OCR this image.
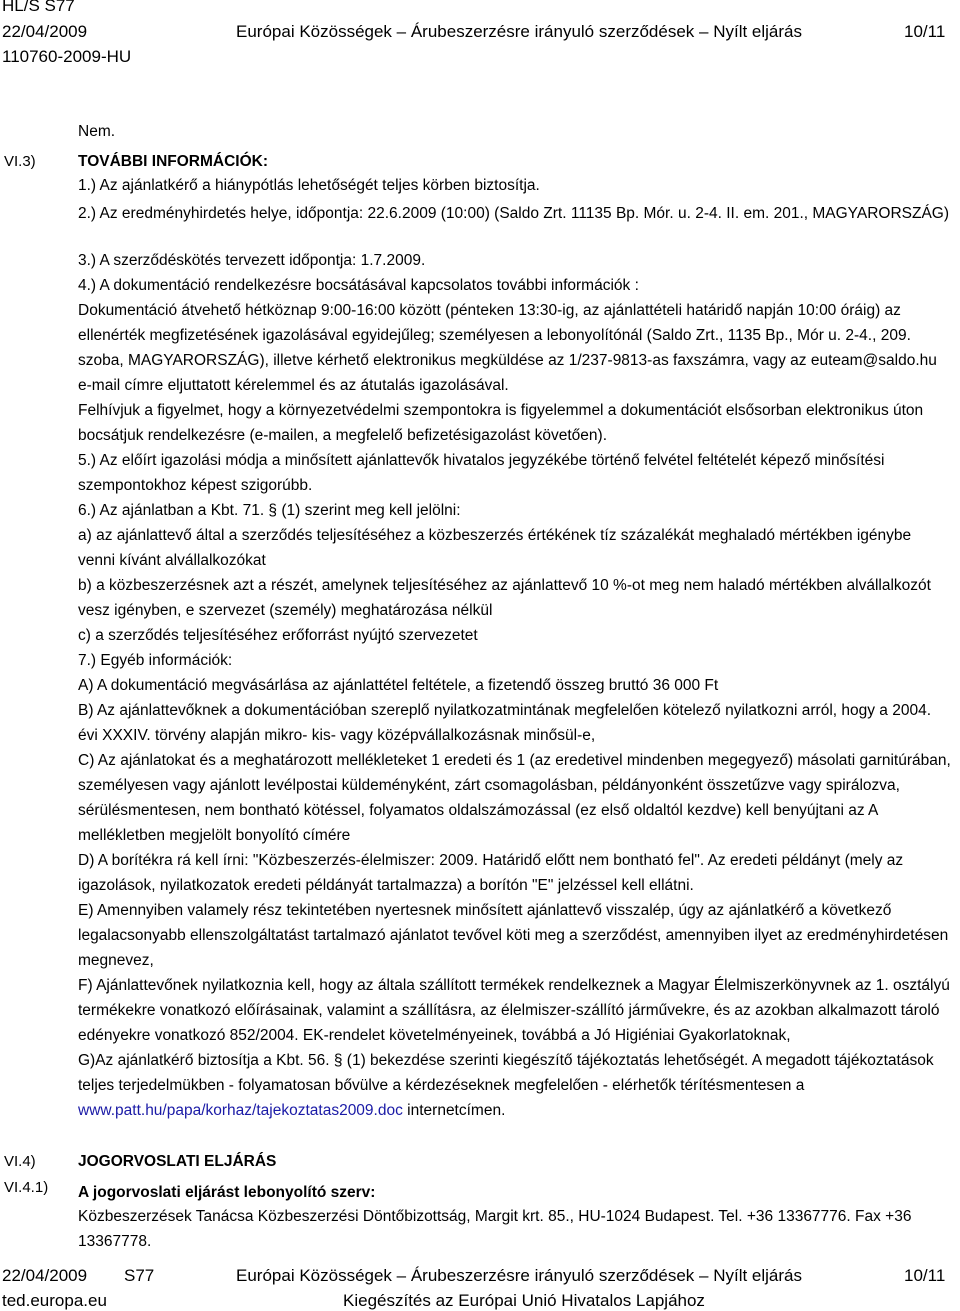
HL/S S77
22/04/2009	Európai Közösségek – Árubeszerzésre irányuló szerződések – Nyílt eljárás	10/11
110760-2009-HU
VI.3)
VI.4)
VI.4.1)
Nem.
TOVÁBBI INFORMÁCIÓK:
1.) Az ajánlatkérő a hiánypótlás lehetőségét teljes körben biztosítja.
2.) Az eredményhirdetés helye, időpontja: 22.6.2009 (10:00) (Saldo Zrt. 11135 Bp. Mór. u. 2-4. II. em. 201., MAGYARORSZÁG)
3.) A szerződéskötés tervezett időpontja: 1.7.2009.
4.) A dokumentáció rendelkezésre bocsátásával kapcsolatos további információk :

Dokumentáció átvehető hétköznap 9:00-16:00 között (pénteken 13:30-ig, az ajánlattételi határidő napján 10:00 óráig) az ellenérték megfizetésének igazolásával egyidejűleg; személyesen a lebonyolítónál (Saldo Zrt., 1135 Bp., Mór u. 2-4., 209. szoba, MAGYARORSZÁG), illetve kérhető elektronikus megküldése az 1/237-9813-as faxszámra, vagy az euteam@saldo.hu e-mail címre eljuttatott kérelemmel és az átutalás igazolásával.

Felhívjuk a figyelmet, hogy a környezetvédelmi szempontokra is figyelemmel a dokumentációt elsősorban elektronikus úton bocsátjuk rendelkezésre (e-mailen, a megfelelő befizetésigazolást követően).

5.) Az előírt igazolási módja a minősített ajánlattevők hivatalos jegyzékébe történő felvétel feltételét képező minősítési szempontokhoz képest szigorúbb.

6.) Az ajánlatban a Kbt. 71. § (1) szerint meg kell jelölni:

a) az ajánlattevő által a szerződés teljesítéséhez a közbeszerzés értékének tíz százalékát meghaladó mértékben igénybe venni kívánt alvállalkozókat

b) a közbeszerzésnek azt a részét, amelynek teljesítéséhez az ajánlattevő 10 %-ot meg nem haladó mértékben alvállalkozót vesz igényben, e szervezet (személy) meghatározása nélkül

c) a szerződés teljesítéséhez erőforrást nyújtó szervezetet

7.) Egyéb információk:

A) A dokumentáció megvásárlása az ajánlattétel feltétele, a fizetendő összeg bruttó 36 000 Ft

B) Az ajánlattevőknek a dokumentációban szereplő nyilatkozatmintának megfelelően kötelező nyilatkozni arról, hogy a 2004. évi XXXIV. törvény alapján mikro- kis- vagy középvállalkozásnak minősül-e,

C) Az ajánlatokat és a meghatározott mellékleteket 1 eredeti és 1 (az eredetivel mindenben megegyező) másolati garnitúrában, személyesen vagy ajánlott levélpostai küldeményként, zárt csomagolásban, példányonként összetűzve vagy spirálozva, sérülésmentesen, nem bontható kötéssel, folyamatos oldalszámozással (ez első oldaltól kezdve) kell benyújtani az A mellékletben megjelölt bonyolító címére

D) A borítékra rá kell írni: "Közbeszerzés-élelmiszer: 2009. Határidő előtt nem bontható fel". Az eredeti példányt (mely az igazolások, nyilatkozatok eredeti példányát tartalmazza) a borítón "E" jelzéssel kell ellátni.

E) Amennyiben valamely rész tekintetében nyertesnek minősített ajánlattevő visszalép, úgy az ajánlatkérő a következő legalacsonyabb ellenszolgáltatást tartalmazó ajánlatot tevővel köti meg a szerződést, amennyiben ilyet az eredményhirdetésen megnevez,

F) Ajánlattevőnek nyilatkoznia kell, hogy az általa szállított termékek rendelkeznek a Magyar Élelmiszerkönyvnek az 1. osztályú termékekre vonatkozó előírásainak, valamint a szállításra, az élelmiszer-szállító járművekre, és az azokban alkalmazott tároló edényekre vonatkozó 852/2004. EK-rendelet követelményeinek, továbbá a Jó Higiéniai Gyakorlatoknak,

G)Az ajánlatkérő biztosítja a Kbt. 56. § (1) bekezdése szerinti kiegészítő tájékoztatás lehetőségét. A megadott tájékoztatások teljes terjedelmükben - folyamatosan bővülve a kérdezéseknek megfelelően - elérhetők térítésmentesen a www.patt.hu/papa/korhaz/tajekoztatas2009.doc internetcímen.

JOGORVOSLATI ELJÁRÁS
A jogorvoslati eljárást lebonyolító szerv:
Közbeszerzések Tanácsa Közbeszerzési Döntőbizottság, Margit krt. 85., HU-1024 Budapest. Tel. +36 13367776. Fax +36 13367778.
22/04/2009 S77	Európai Közösségek – Árubeszerzésre irányuló szerződések – Nyílt eljárás	10/11
ted.europa.eu	Kiegészítés az Európai Unió Hivatalos Lapjához
